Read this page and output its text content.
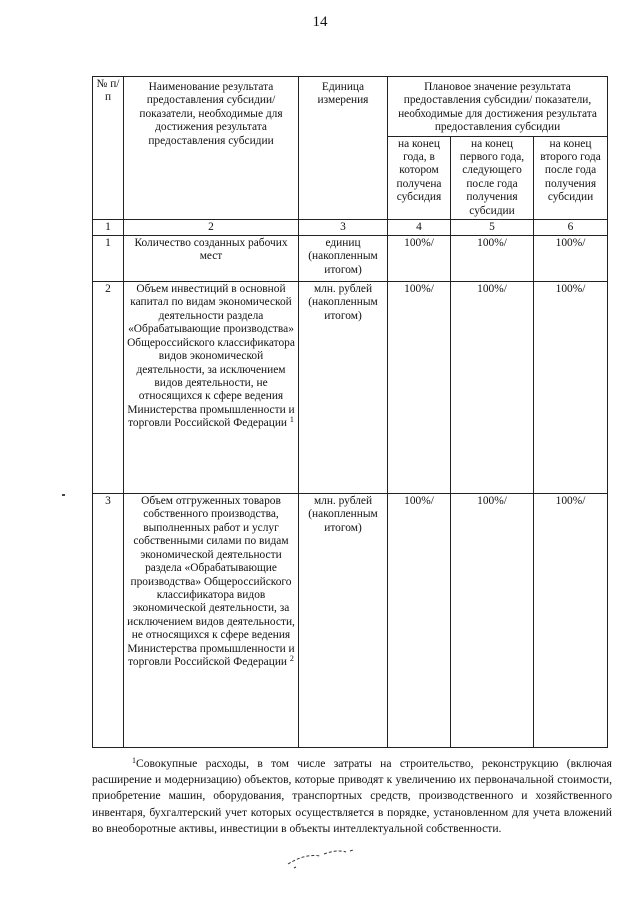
14
№ п/п	Наименование результата предоставления субсидии/показатели, необходимые для достижения результата предоставления субсидии	Единица измерения	Плановое значение результата предоставления субсидии/ показатели, необходимые для достижения результата предоставления субсидии		
			на конец года, в котором получена субсидия	на конец первого года, следующего после года получения субсидии	на конец второго года после года получения субсидии
1	2	3	4	5	6
1	Количество созданных рабочих мест	единиц (накопленным итогом)	100%/	100%/	100%/
2	Объем инвестиций в основной капитал по видам экономической деятельности раздела «Обрабатывающие производства» Общероссийского классификатора видов экономической деятельности, за исключением видов деятельности, не относящихся к сфере ведения Министерства промышленности и торговли Российской Федерации $^1$	млн. рублей (накопленным итогом)	100%/	100%/	100%/
3	Объем отгруженных товаров собственного производства, выполненных работ и услуг собственными силами по видам экономической деятельности раздела «Обрабатывающие производства» Общероссийского классификатора видов экономической деятельности, за исключением видов деятельности, не относящихся к сфере ведения Министерства промышленности и торговли Российской Федерации $^2$	млн. рублей (накопленным итогом)	100%/	100%/	100%/
$^1$Совокупные расходы, в том числе затраты на строительство, реконструкцию (включая расширение и модернизацию) объектов, которые приводят к увеличению их первоначальной стоимости, приобретение машин, оборудования, транспортных средств, производственного и хозяйственного инвентаря, бухгалтерский учет которых осуществляется в порядке, установленном для учета вложений во внеоборотные активы, инвестиции в объекты интеллектуальной собственности.
